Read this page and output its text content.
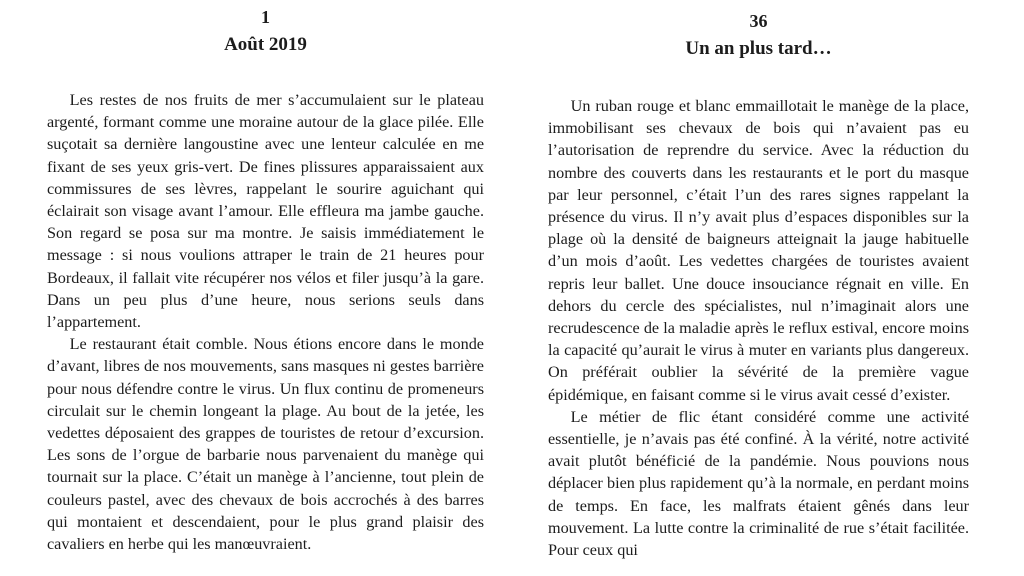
1
Août 2019

Les restes de nos fruits de mer s’accumulaient sur le plateau argenté, formant comme une moraine autour de la glace pilée. Elle suçotait sa dernière langoustine avec une lenteur calculée en me fixant de ses yeux gris-vert. De fines plissures apparaissaient aux commissures de ses lèvres, rappelant le sourire aguichant qui éclairait son visage avant l’amour. Elle effleura ma jambe gauche. Son regard se posa sur ma montre. Je saisis immédiatement le message : si nous voulions attraper le train de 21 heures pour Bordeaux, il fallait vite récupérer nos vélos et filer jusqu’à la gare. Dans un peu plus d’une heure, nous serions seuls dans l’appartement.

Le restaurant était comble. Nous étions encore dans le monde d’avant, libres de nos mouvements, sans masques ni gestes barrière pour nous défendre contre le virus. Un flux continu de promeneurs circulait sur le chemin longeant la plage. Au bout de la jetée, les vedettes déposaient des grappes de touristes de retour d’excursion. Les sons de l’orgue de barbarie nous parvenaient du manège qui tournait sur la place. C’était un manège à l’ancienne, tout plein de couleurs pastel, avec des chevaux de bois accrochés à des barres qui montaient et descendaient, pour le plus grand plaisir des cavaliers en herbe qui les manœuvraient.

36
Un an plus tard…

Un ruban rouge et blanc emmaillotait le manège de la place, immobilisant ses chevaux de bois qui n’avaient pas eu l’autorisation de reprendre du service. Avec la réduction du nombre des couverts dans les restaurants et le port du masque par leur personnel, c’était l’un des rares signes rappelant la présence du virus. Il n’y avait plus d’espaces disponibles sur la plage où la densité de baigneurs atteignait la jauge habituelle d’un mois d’août. Les vedettes chargées de touristes avaient repris leur ballet. Une douce insouciance régnait en ville. En dehors du cercle des spécialistes, nul n’imaginait alors une recrudescence de la maladie après le reflux estival, encore moins la capacité qu’aurait le virus à muter en variants plus dangereux. On préférait oublier la sévérité de la première vague épidémique, en faisant comme si le virus avait cessé d’exister.

Le métier de flic étant considéré comme une activité essentielle, je n’avais pas été confiné. À la vérité, notre activité avait plutôt bénéficié de la pandémie. Nous pouvions nous déplacer bien plus rapidement qu’à la normale, en perdant moins de temps. En face, les malfrats étaient gênés dans leur mouvement. La lutte contre la criminalité de rue s’était facilitée. Pour ceux qui
